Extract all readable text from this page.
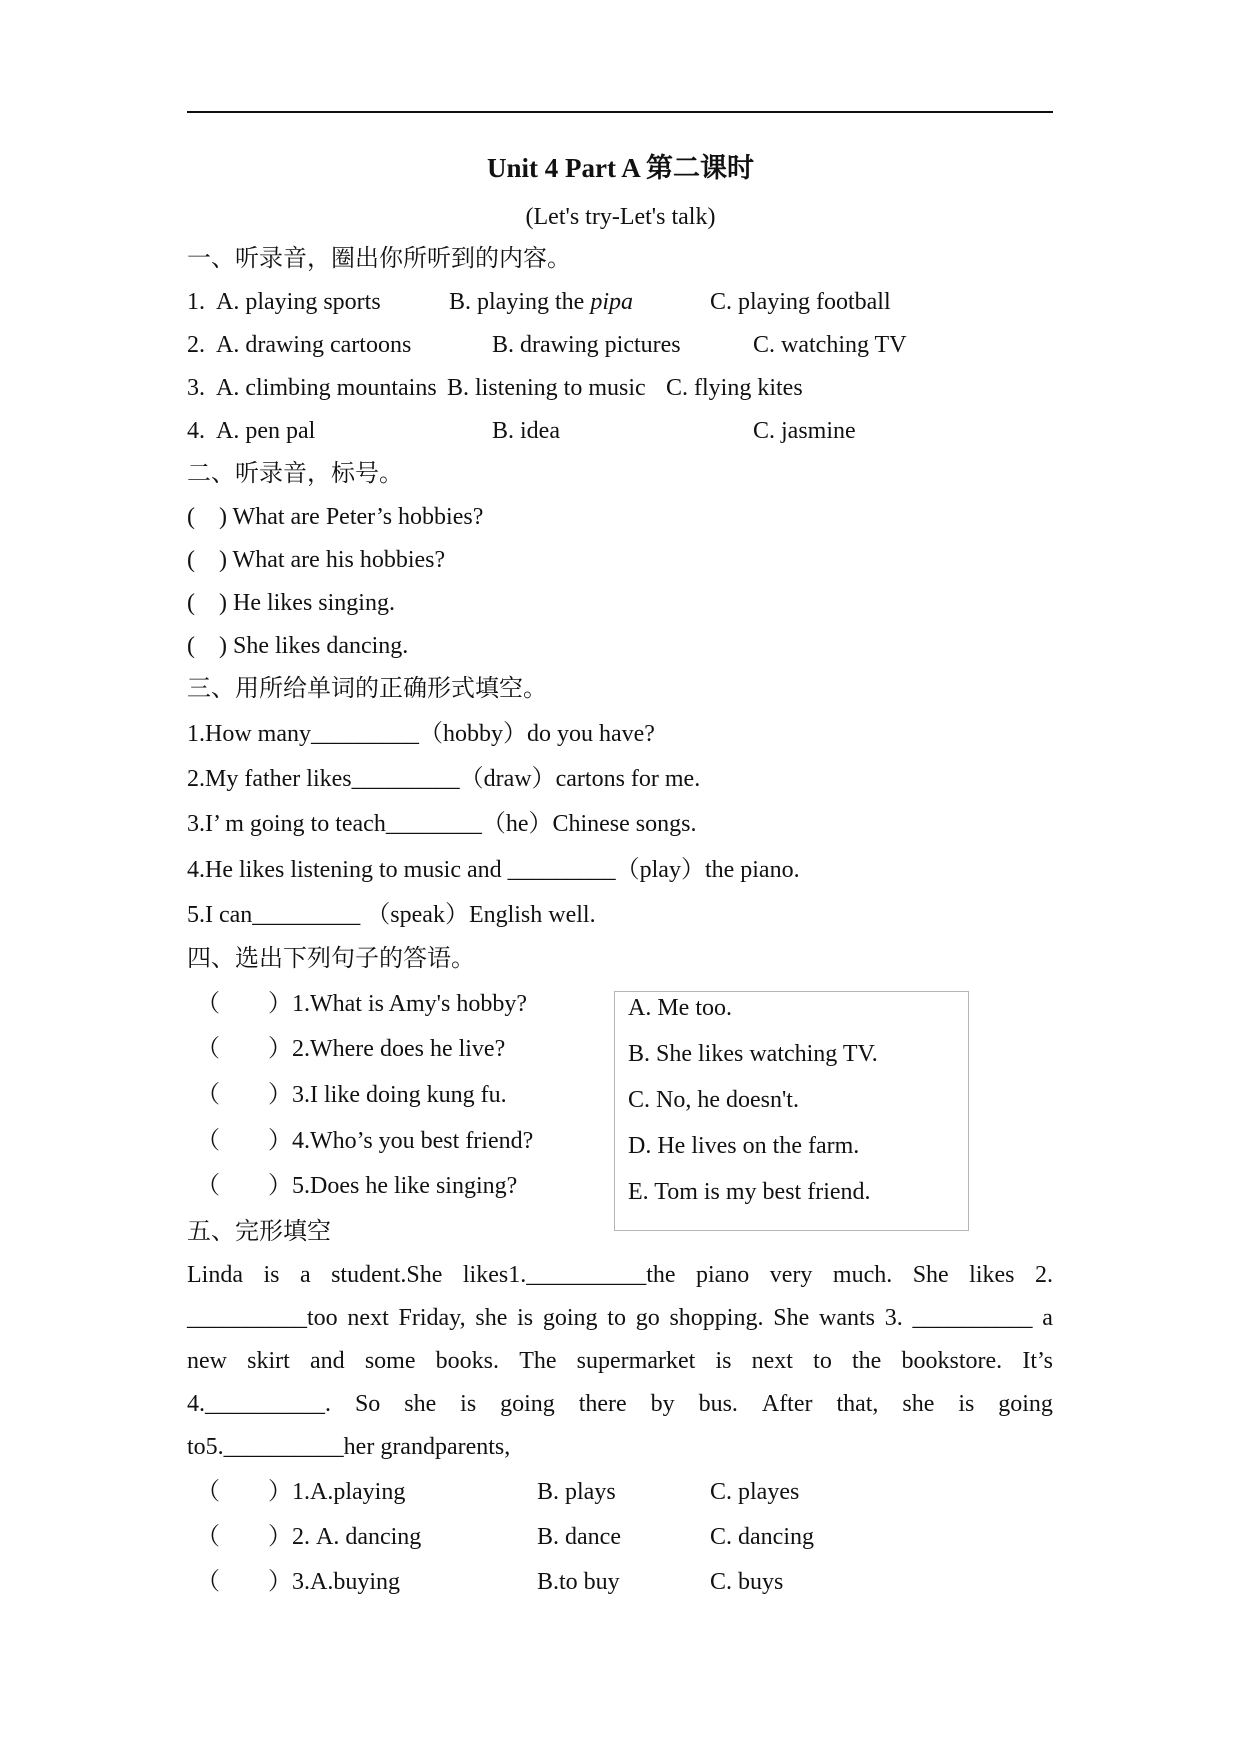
Unit 4 Part A 第二课时
(Let's try-Let's talk)
一、听录音，圈出你所听到的内容。
1. A. playing sports	B. playing the pipa	C. playing football
2. A. drawing cartoons	B. drawing pictures	C. watching TV
3. A. climbing mountains B. listening to music C. flying kites
4. A. pen pal	B. idea	C. jasmine
二、听录音，标号。
(    ) What are Peter’s hobbies?
(    ) What are his hobbies?
(    ) He likes singing.
(    ) She likes dancing.
三、用所给单词的正确形式填空。
1.How many_________（hobby）do you have?
2.My father likes_________（draw）cartons for me.
3.I’ m going to teach________（he）Chinese songs.
4.He likes listening to music and _________（play）the piano.
5.I can_________ （speak）English well.
四、选出下列句子的答语。
（        ）1.What is Amy's hobby?
（        ）2.Where does he live?
（        ）3.I like doing kung fu.
（        ）4.Who’s you best friend?
（        ）5.Does he like singing?
A. Me too.
B. She likes watching TV.
C. No, he doesn't.
D. He lives on the farm.
E. Tom is my best friend.
五、完形填空
Linda is a student.She likes1.__________the piano very much. She likes 2.
__________too next Friday, she is going to go shopping. She wants 3. __________ a
new skirt and some books. The supermarket is next to the bookstore. It’s
4.__________. So she is going there by bus. After that, she is going
to5.__________her grandparents,
（        ）1.A.playing	B. plays	C. playes
（        ）2. A. dancing	B. dance	C. dancing
（        ）3.A.buying	B.to buy	C. buys
